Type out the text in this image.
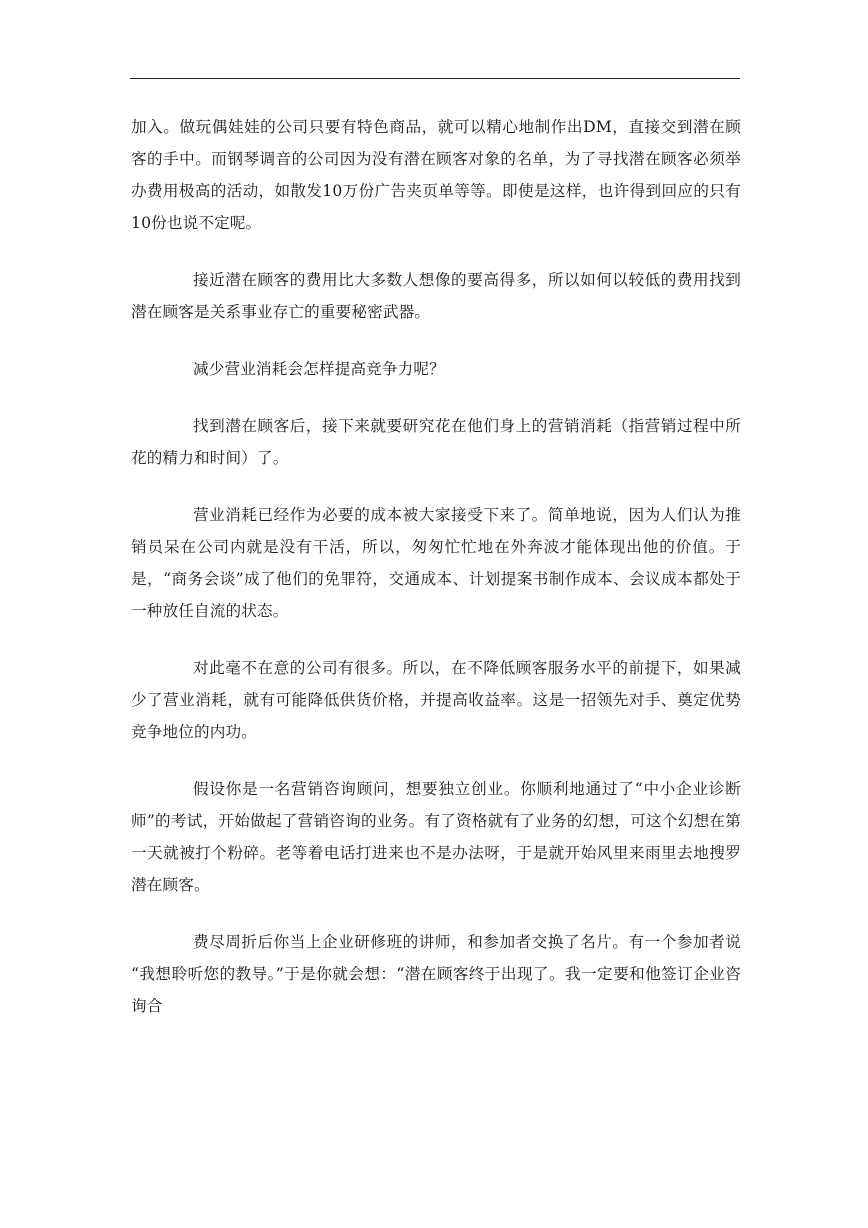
加入。做玩偶娃娃的公司只要有特色商品，就可以精心地制作出DM，直接交到潜在顾客的手中。而钢琴调音的公司因为没有潜在顾客对象的名单，为了寻找潜在顾客必须举办费用极高的活动，如散发10万份广告夹页单等等。即使是这样，也许得到回应的只有10份也说不定呢。

接近潜在顾客的费用比大多数人想像的要高得多，所以如何以较低的费用找到潜在顾客是关系事业存亡的重要秘密武器。

减少营业消耗会怎样提高竞争力呢？

找到潜在顾客后，接下来就要研究花在他们身上的营销消耗（指营销过程中所花的精力和时间）了。

营业消耗已经作为必要的成本被大家接受下来了。简单地说，因为人们认为推销员呆在公司内就是没有干活，所以，匆匆忙忙地在外奔波才能体现出他的价值。于是，“商务会谈”成了他们的免罪符，交通成本、计划提案书制作成本、会议成本都处于一种放任自流的状态。

对此毫不在意的公司有很多。所以，在不降低顾客服务水平的前提下，如果减少了营业消耗，就有可能降低供货价格，并提高收益率。这是一招领先对手、奠定优势竞争地位的内功。

假设你是一名营销咨询顾问，想要独立创业。你顺利地通过了“中小企业诊断师”的考试，开始做起了营销咨询的业务。有了资格就有了业务的幻想，可这个幻想在第一天就被打个粉碎。老等着电话打进来也不是办法呀，于是就开始风里来雨里去地搜罗潜在顾客。

费尽周折后你当上企业研修班的讲师，和参加者交换了名片。有一个参加者说 “我想聆听您的教导。”于是你就会想：“潜在顾客终于出现了。我一定要和他签订企业咨询合
